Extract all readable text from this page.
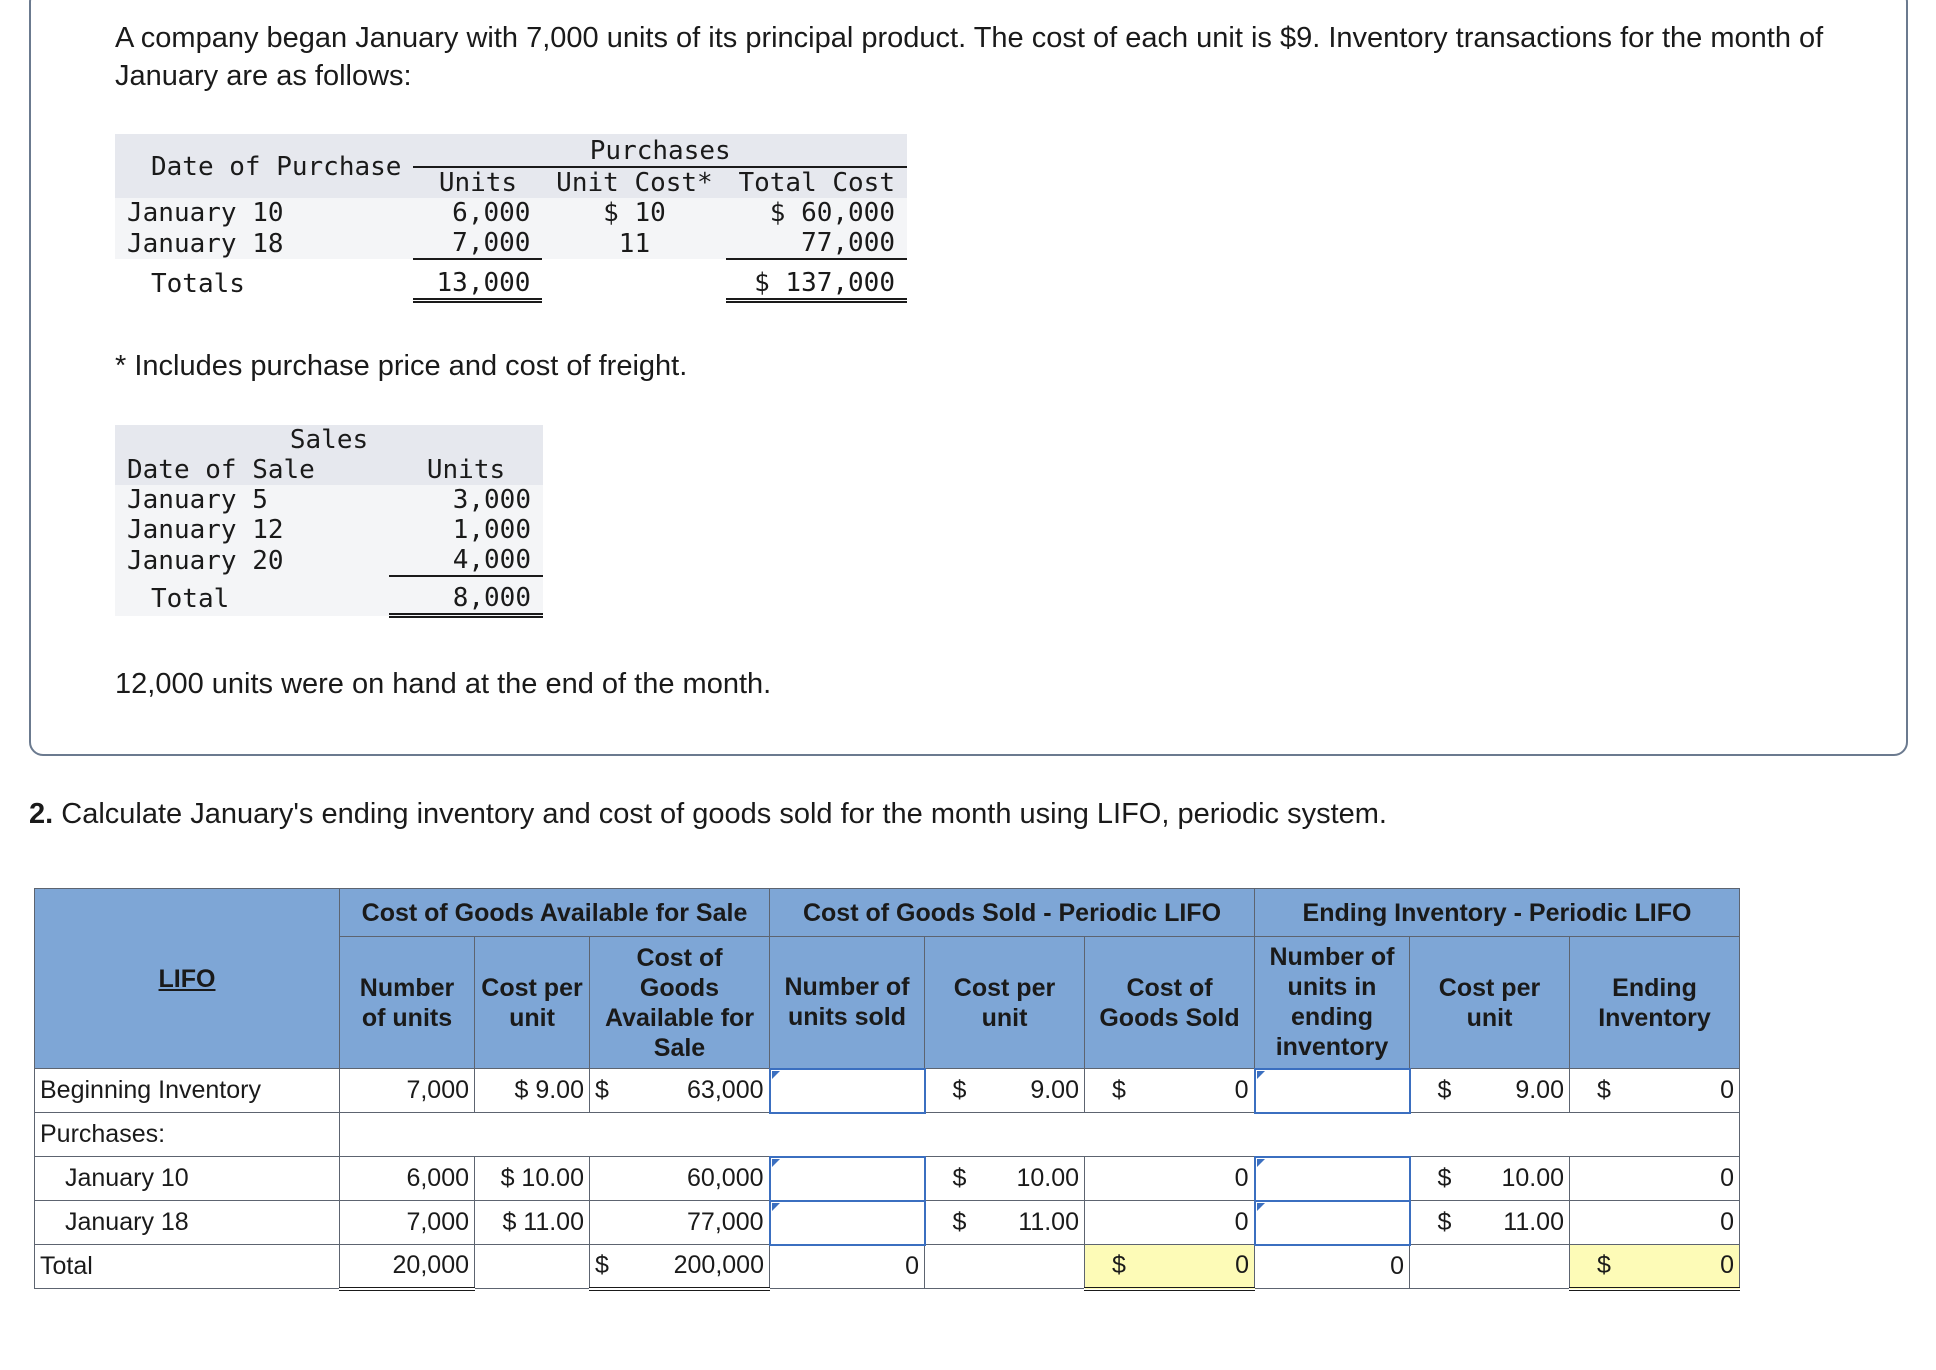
A company began January with 7,000 units of its principal product. The cost of each unit is $9. Inventory transactions for the month of January are as follows:
Date of Purchase	Purchases		
	Units	Unit Cost*	Total Cost
January 10	6,000	$ 10	$ 60,000
January 18	7,000	11	77,000
Totals	13,000		$ 137,000
* Includes purchase price and cost of freight.
Sales	
Date of Sale	Units
January 5	3,000
January 12	1,000
January 20	4,000
Total	8,000
12,000 units were on hand at the end of the month.
2. Calculate January's ending inventory and cost of goods sold for the month using LIFO, periodic system.
LIFO	Cost of Goods Available for Sale			Cost of Goods Sold - Periodic LIFO			Ending Inventory - Periodic LIFO		
	Number of units	Cost per unit	Cost of Goods Available for Sale	Number of units sold	Cost per unit	Cost of Goods Sold	Number of units in ending inventory	Cost per unit	Ending Inventory
Beginning Inventory	7,000	$ 9.00	$ 63,000		$ 9.00	$ 0		$ 9.00	$ 0

Purchases:									
January 10	6,000	$ 10.00	60,000		$ 10.00	0		$ 10.00	0
January 18	7,000	$ 11.00	77,000		$ 11.00	0		$ 11.00	0
Total	20,000		$ 200,000	0		$ 0	0		$ 0
